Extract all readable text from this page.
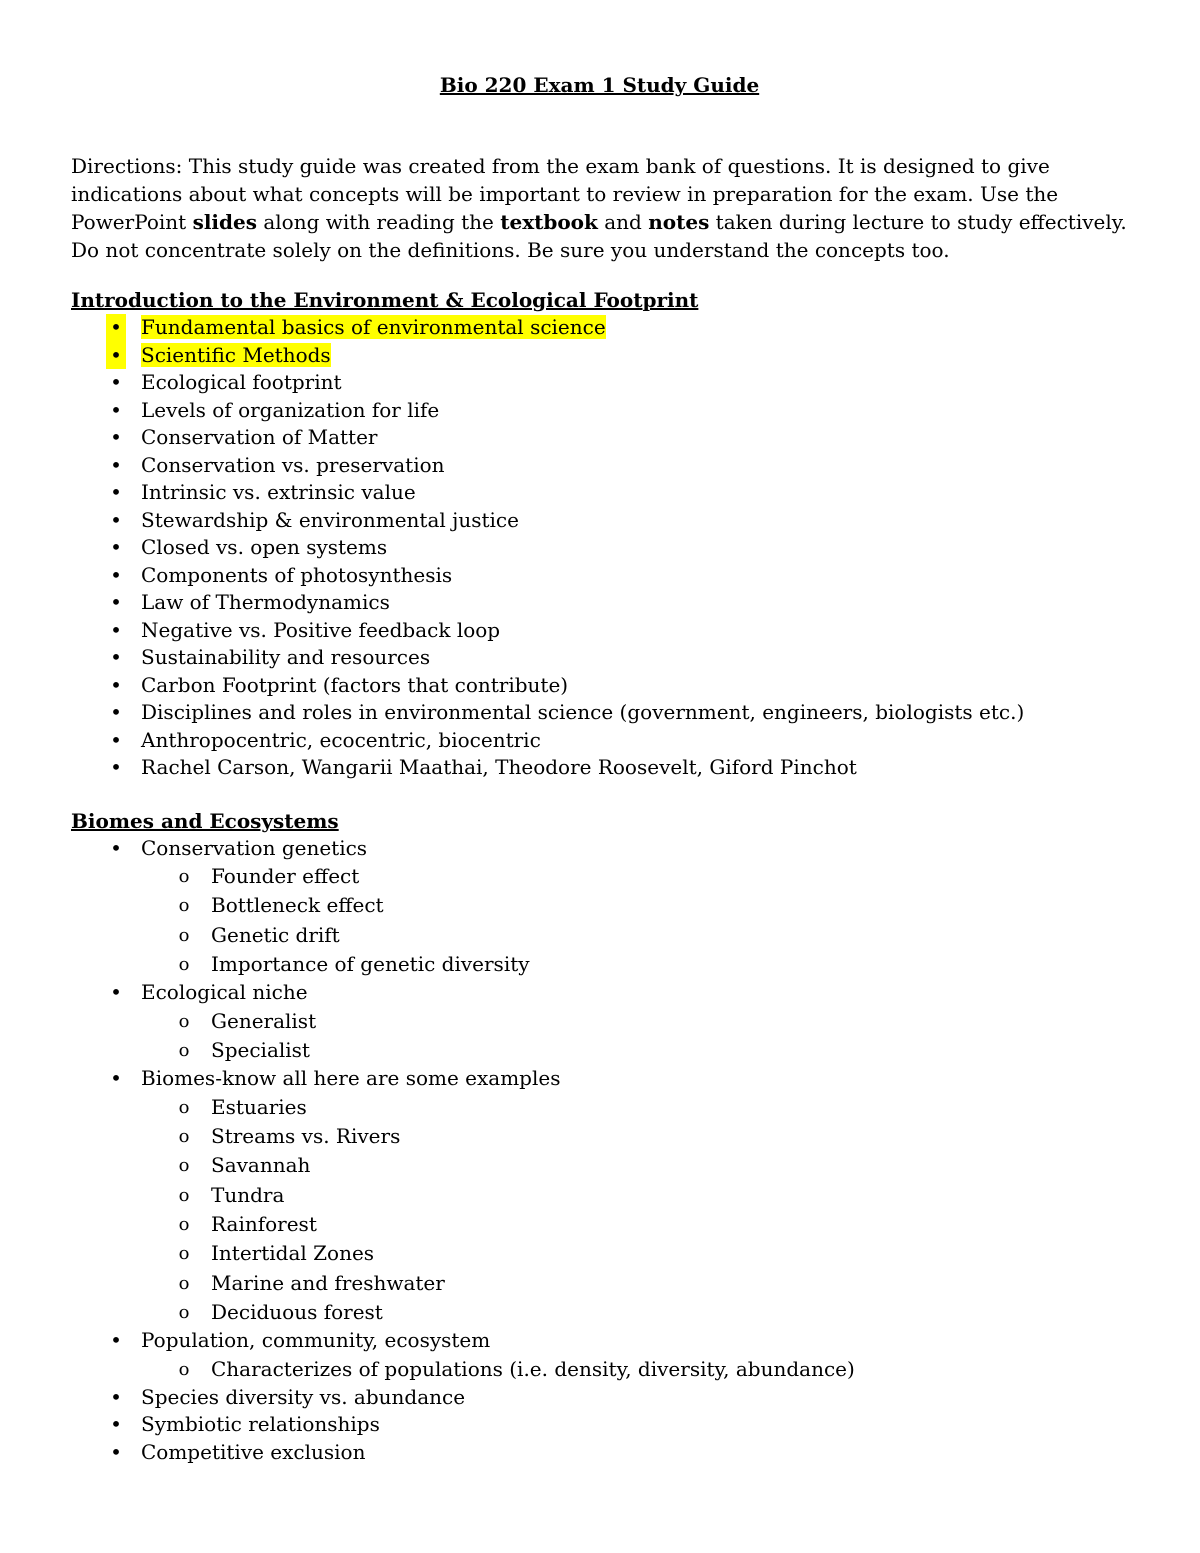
Bio 220 Exam 1 Study Guide

Directions: This study guide was created from the exam bank of questions. It is designed to give indications about what concepts will be important to review in preparation for the exam. Use the PowerPoint slides along with reading the textbook and notes taken during lecture to study effectively. Do not concentrate solely on the definitions. Be sure you understand the concepts too.

Introduction to the Environment & Ecological Footprint
• Fundamental basics of environmental science
• Scientific Methods
• Ecological footprint
• Levels of organization for life
• Conservation of Matter
• Conservation vs. preservation
• Intrinsic vs. extrinsic value
• Stewardship & environmental justice
• Closed vs. open systems
• Components of photosynthesis
• Law of Thermodynamics
• Negative vs. Positive feedback loop
• Sustainability and resources
• Carbon Footprint (factors that contribute)
• Disciplines and roles in environmental science (government, engineers, biologists etc.)
• Anthropocentric, ecocentric, biocentric
• Rachel Carson, Wangarii Maathai, Theodore Roosevelt, Giford Pinchot
Biomes and Ecosystems
• Conservation genetics
o Founder effect
o Bottleneck effect
o Genetic drift
o Importance of genetic diversity
• Ecological niche
o Generalist
o Specialist
• Biomes-know all here are some examples
o Estuaries
o Streams vs. Rivers
o Savannah
o Tundra
o Rainforest
o Intertidal Zones
o Marine and freshwater
o Deciduous forest
• Population, community, ecosystem
o Characterizes of populations (i.e. density, diversity, abundance)
• Species diversity vs. abundance
• Symbiotic relationships
• Competitive exclusion
